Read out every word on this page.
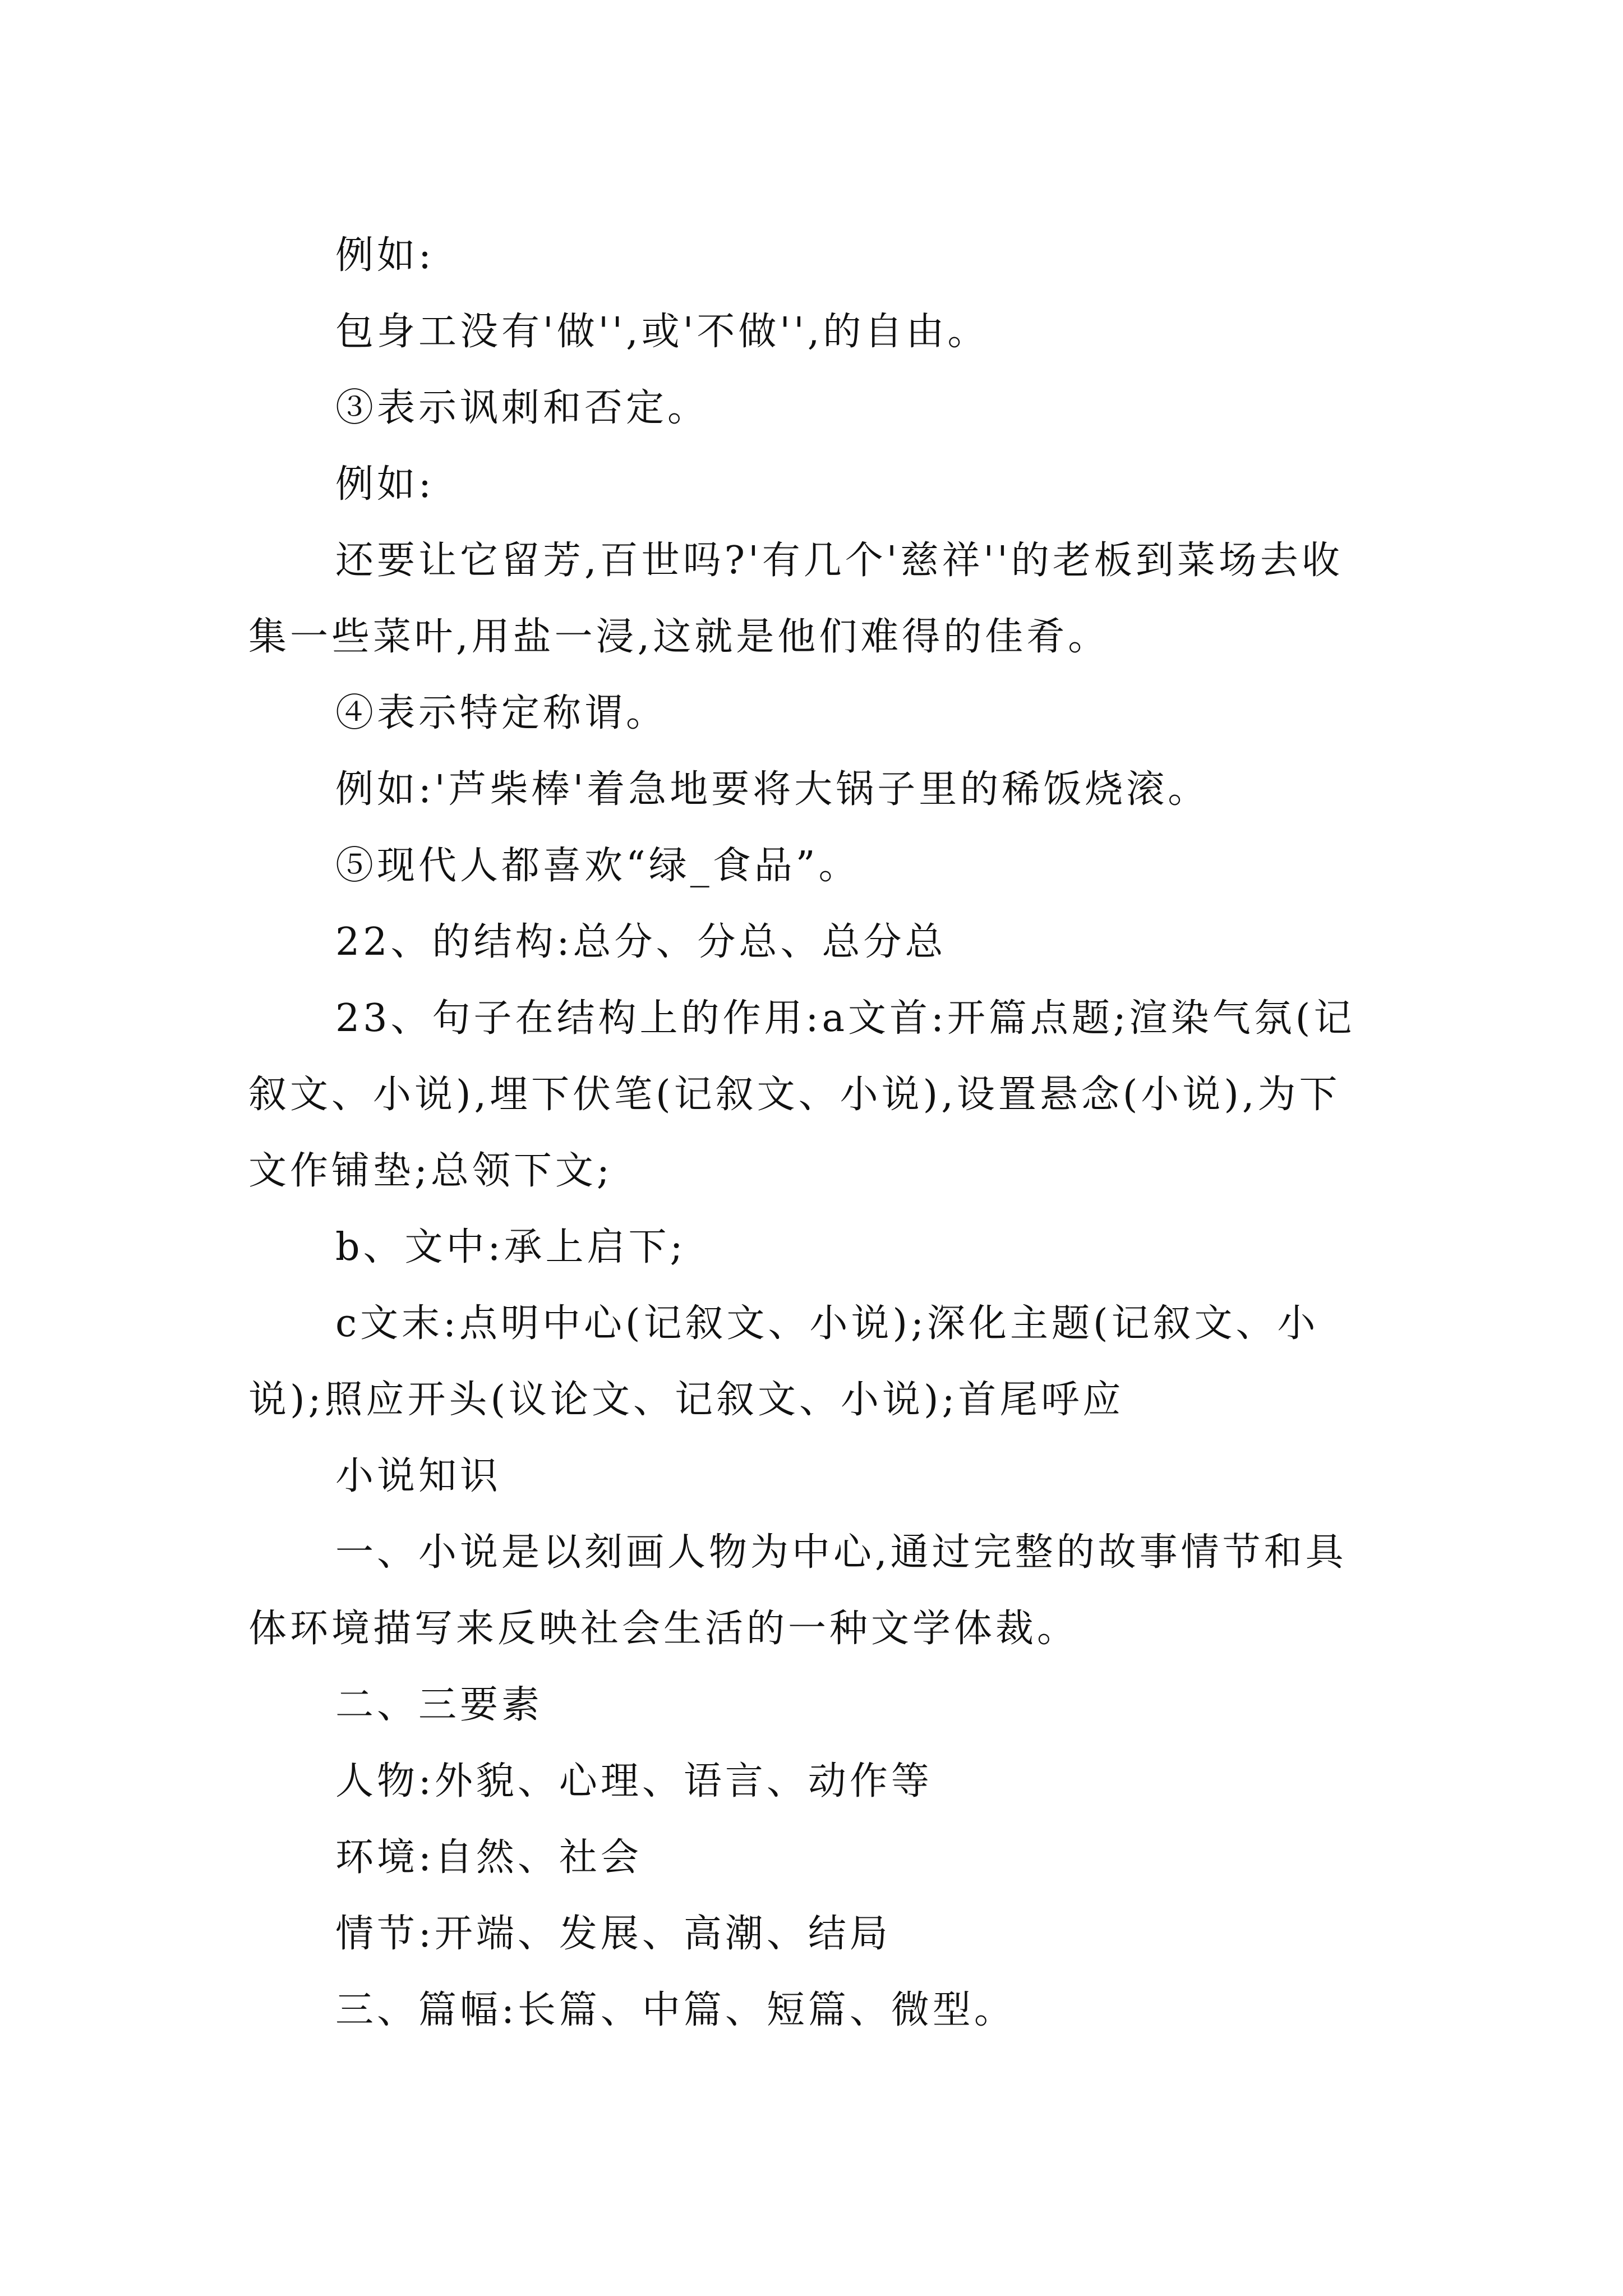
例如:

包身工没有'做'',或'不做'',的自由。

③表示讽刺和否定。

例如:

还要让它留芳,百世吗?'有几个'慈祥''的老板到菜场去收集一些菜叶,用盐一浸,这就是他们难得的佳肴。

④表示特定称谓。

例如:'芦柴棒'着急地要将大锅子里的稀饭烧滚。

⑤现代人都喜欢“绿_食品”。

22、的结构:总分、分总、总分总

23、句子在结构上的作用:a文首:开篇点题;渲染气氛(记叙文、小说),埋下伏笔(记叙文、小说),设置悬念(小说),为下文作铺垫;总领下文;

b、文中:承上启下;

c文末:点明中心(记叙文、小说);深化主题(记叙文、小说);照应开头(议论文、记叙文、小说);首尾呼应

小说知识

一、小说是以刻画人物为中心,通过完整的故事情节和具体环境描写来反映社会生活的一种文学体裁。

二、三要素

人物:外貌、心理、语言、动作等

环境:自然、社会

情节:开端、发展、高潮、结局

三、篇幅:长篇、中篇、短篇、微型。
